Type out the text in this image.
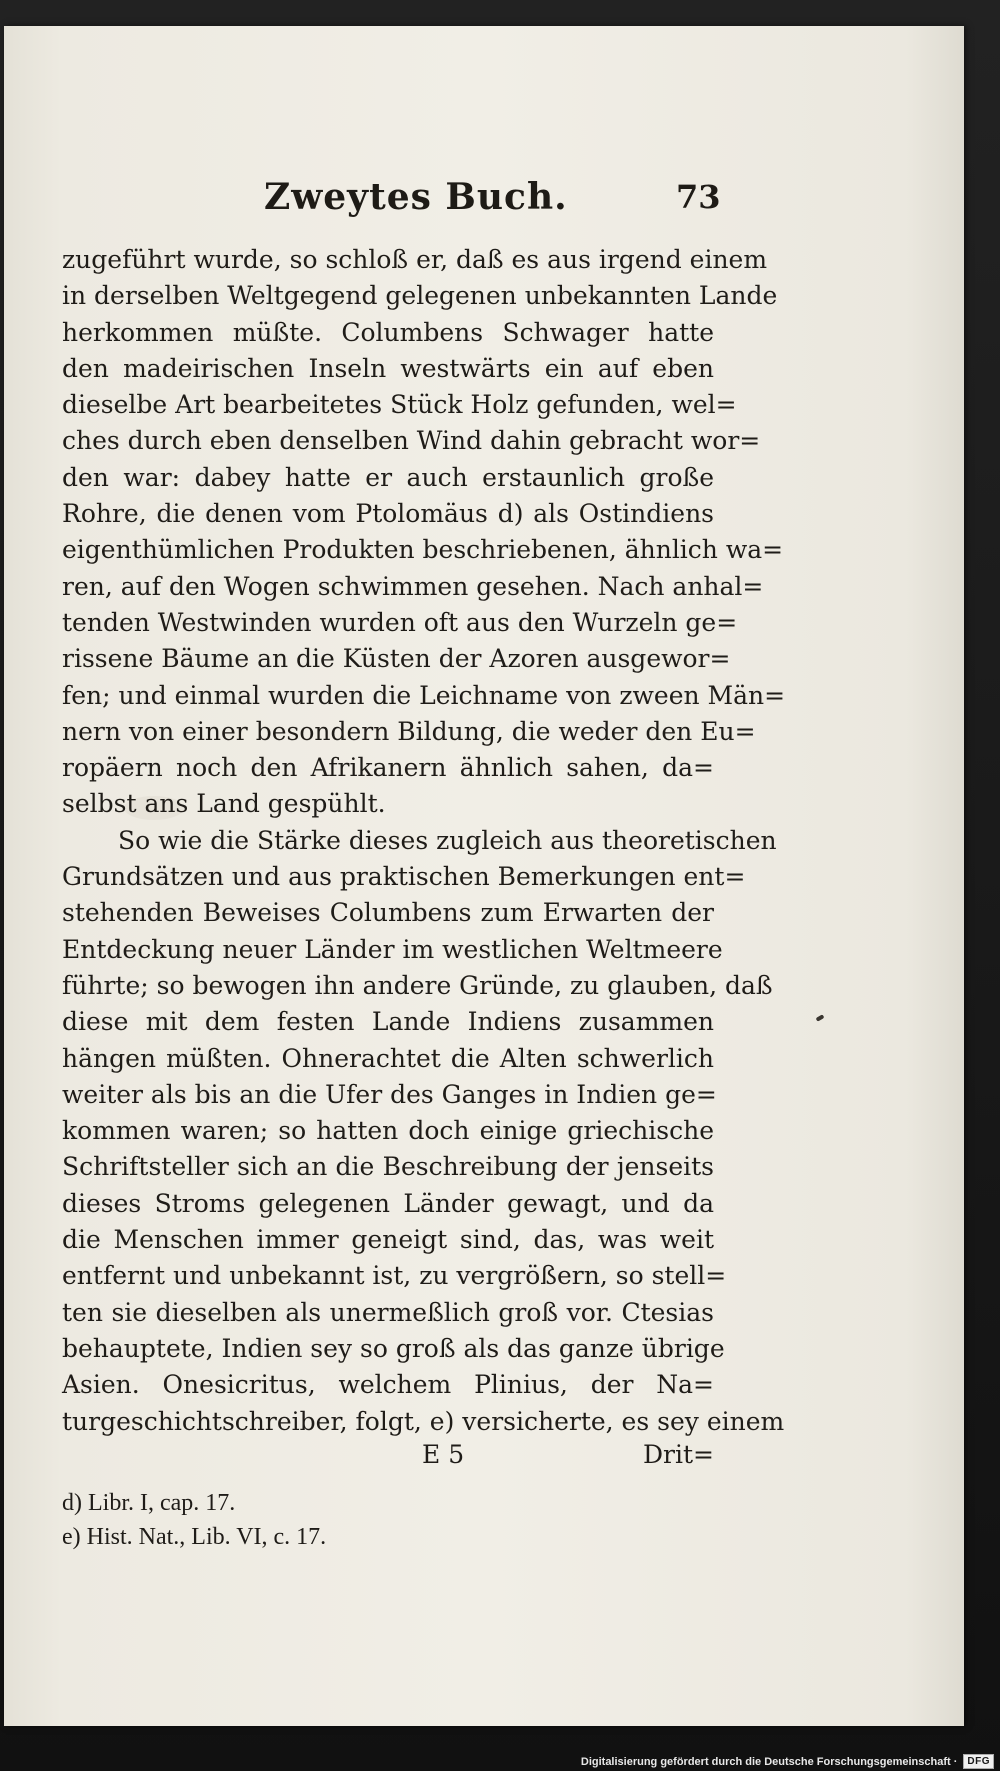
Zweytes Buch.	73
zugeführt wurde, so schloß er, daß es aus irgend einem
in derselben Weltgegend gelegenen unbekannten Lande
herkommen müßte. Columbens Schwager hatte
den madeirischen Inseln westwärts ein auf eben
dieselbe Art bearbeitetes Stück Holz gefunden, wel=
ches durch eben denselben Wind dahin gebracht wor=
den war: dabey hatte er auch erstaunlich große
Rohre, die denen vom Ptolomäus d) als Ostindiens
eigenthümlichen Produkten beschriebenen, ähnlich wa=
ren, auf den Wogen schwimmen gesehen. Nach anhal=
tenden Westwinden wurden oft aus den Wurzeln ge=
rissene Bäume an die Küsten der Azoren ausgewor=
fen; und einmal wurden die Leichname von zween Män=
nern von einer besondern Bildung, die weder den Eu=
ropäern noch den Afrikanern ähnlich sahen, da=
selbst ans Land gespühlt.
So wie die Stärke dieses zugleich aus theoretischen
Grundsätzen und aus praktischen Bemerkungen ent=
stehenden Beweises Columbens zum Erwarten der
Entdeckung neuer Länder im westlichen Weltmeere
führte; so bewogen ihn andere Gründe, zu glauben, daß
diese mit dem festen Lande Indiens zusammen
hängen müßten. Ohnerachtet die Alten schwerlich
weiter als bis an die Ufer des Ganges in Indien ge=
kommen waren; so hatten doch einige griechische
Schriftsteller sich an die Beschreibung der jenseits
dieses Stroms gelegenen Länder gewagt, und da
die Menschen immer geneigt sind, das, was weit
entfernt und unbekannt ist, zu vergrößern, so stell=
ten sie dieselben als unermeßlich groß vor. Ctesias
behauptete, Indien sey so groß als das ganze übrige
Asien. Onesicritus, welchem Plinius, der Na=
turgeschichtschreiber, folgt, e) versicherte, es sey einem
E 5	Drit=
d) Libr. I, cap. 17.
e) Hist. Nat., Lib. VI, c. 17.
Digitalisierung gefördert durch die Deutsche Forschungsgemeinschaft ·	DFG
